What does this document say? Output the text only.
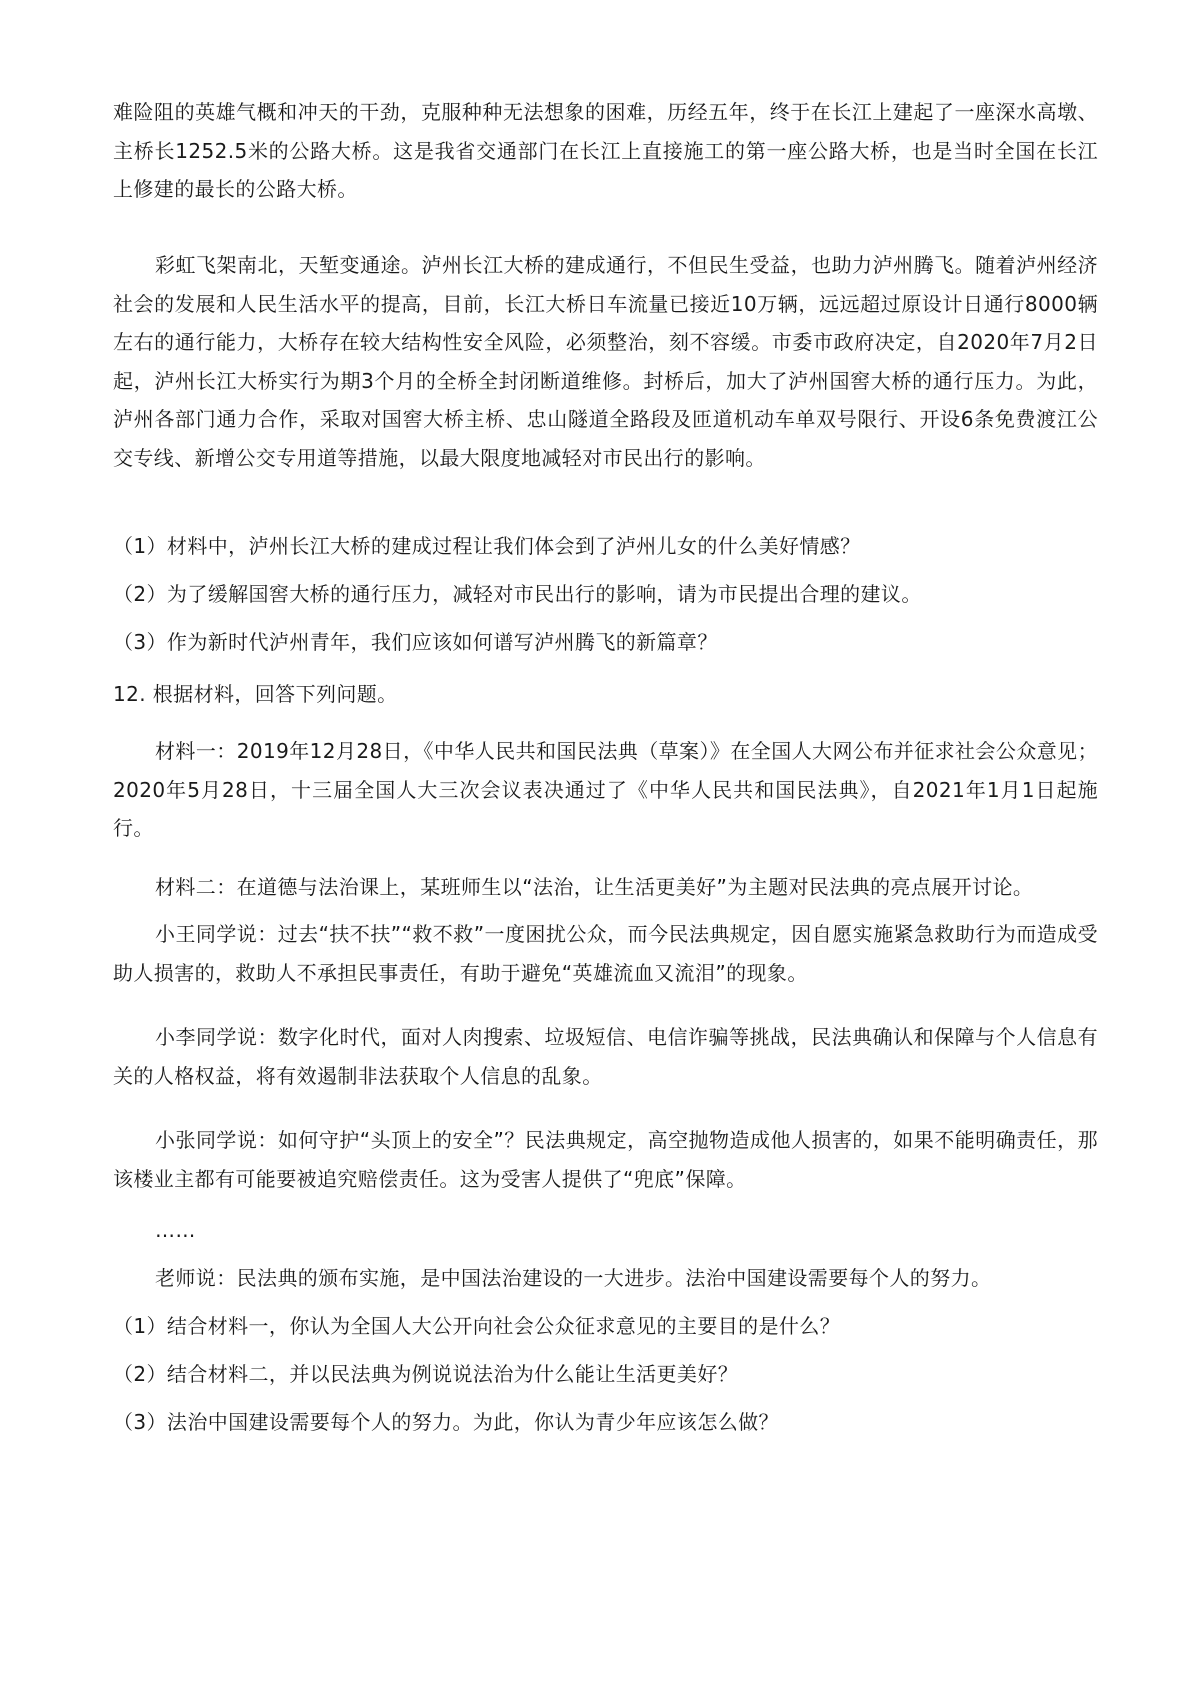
难险阻的英雄气概和冲天的干劲，克服种种无法想象的困难，历经五年，终于在长江上建起了一座深水高墩、主桥长1252.5米的公路大桥。这是我省交通部门在长江上直接施工的第一座公路大桥，也是当时全国在长江上修建的最长的公路大桥。

彩虹飞架南北，天堑变通途。泸州长江大桥的建成通行，不但民生受益，也助力泸州腾飞。随着泸州经济社会的发展和人民生活水平的提高，目前，长江大桥日车流量已接近10万辆，远远超过原设计日通行8000辆左右的通行能力，大桥存在较大结构性安全风险，必须整治，刻不容缓。市委市政府决定，自2020年7月2日起，泸州长江大桥实行为期3个月的全桥全封闭断道维修。封桥后，加大了泸州国窖大桥的通行压力。为此，泸州各部门通力合作，采取对国窖大桥主桥、忠山隧道全路段及匝道机动车单双号限行、开设6条免费渡江公交专线、新增公交专用道等措施，以最大限度地减轻对市民出行的影响。

（1）材料中，泸州长江大桥的建成过程让我们体会到了泸州儿女的什么美好情感？

（2）为了缓解国窖大桥的通行压力，减轻对市民出行的影响，请为市民提出合理的建议。

（3）作为新时代泸州青年，我们应该如何谱写泸州腾飞的新篇章？

12. 根据材料，回答下列问题。

材料一：2019年12月28日，《中华人民共和国民法典（草案）》在全国人大网公布并征求社会公众意见；2020年5月28日，十三届全国人大三次会议表决通过了《中华人民共和国民法典》，自2021年1月1日起施行。

材料二：在道德与法治课上，某班师生以“法治，让生活更美好”为主题对民法典的亮点展开讨论。

小王同学说：过去“扶不扶”“救不救”一度困扰公众，而今民法典规定，因自愿实施紧急救助行为而造成受助人损害的，救助人不承担民事责任，有助于避免“英雄流血又流泪”的现象。

小李同学说：数字化时代，面对人肉搜索、垃圾短信、电信诈骗等挑战，民法典确认和保障与个人信息有关的人格权益，将有效遏制非法获取个人信息的乱象。

小张同学说：如何守护“头顶上的安全”？民法典规定，高空抛物造成他人损害的，如果不能明确责任，那该楼业主都有可能要被追究赔偿责任。这为受害人提供了“兜底”保障。

……

老师说：民法典的颁布实施，是中国法治建设的一大进步。法治中国建设需要每个人的努力。

（1）结合材料一，你认为全国人大公开向社会公众征求意见的主要目的是什么？

（2）结合材料二，并以民法典为例说说法治为什么能让生活更美好？

（3）法治中国建设需要每个人的努力。为此，你认为青少年应该怎么做？
